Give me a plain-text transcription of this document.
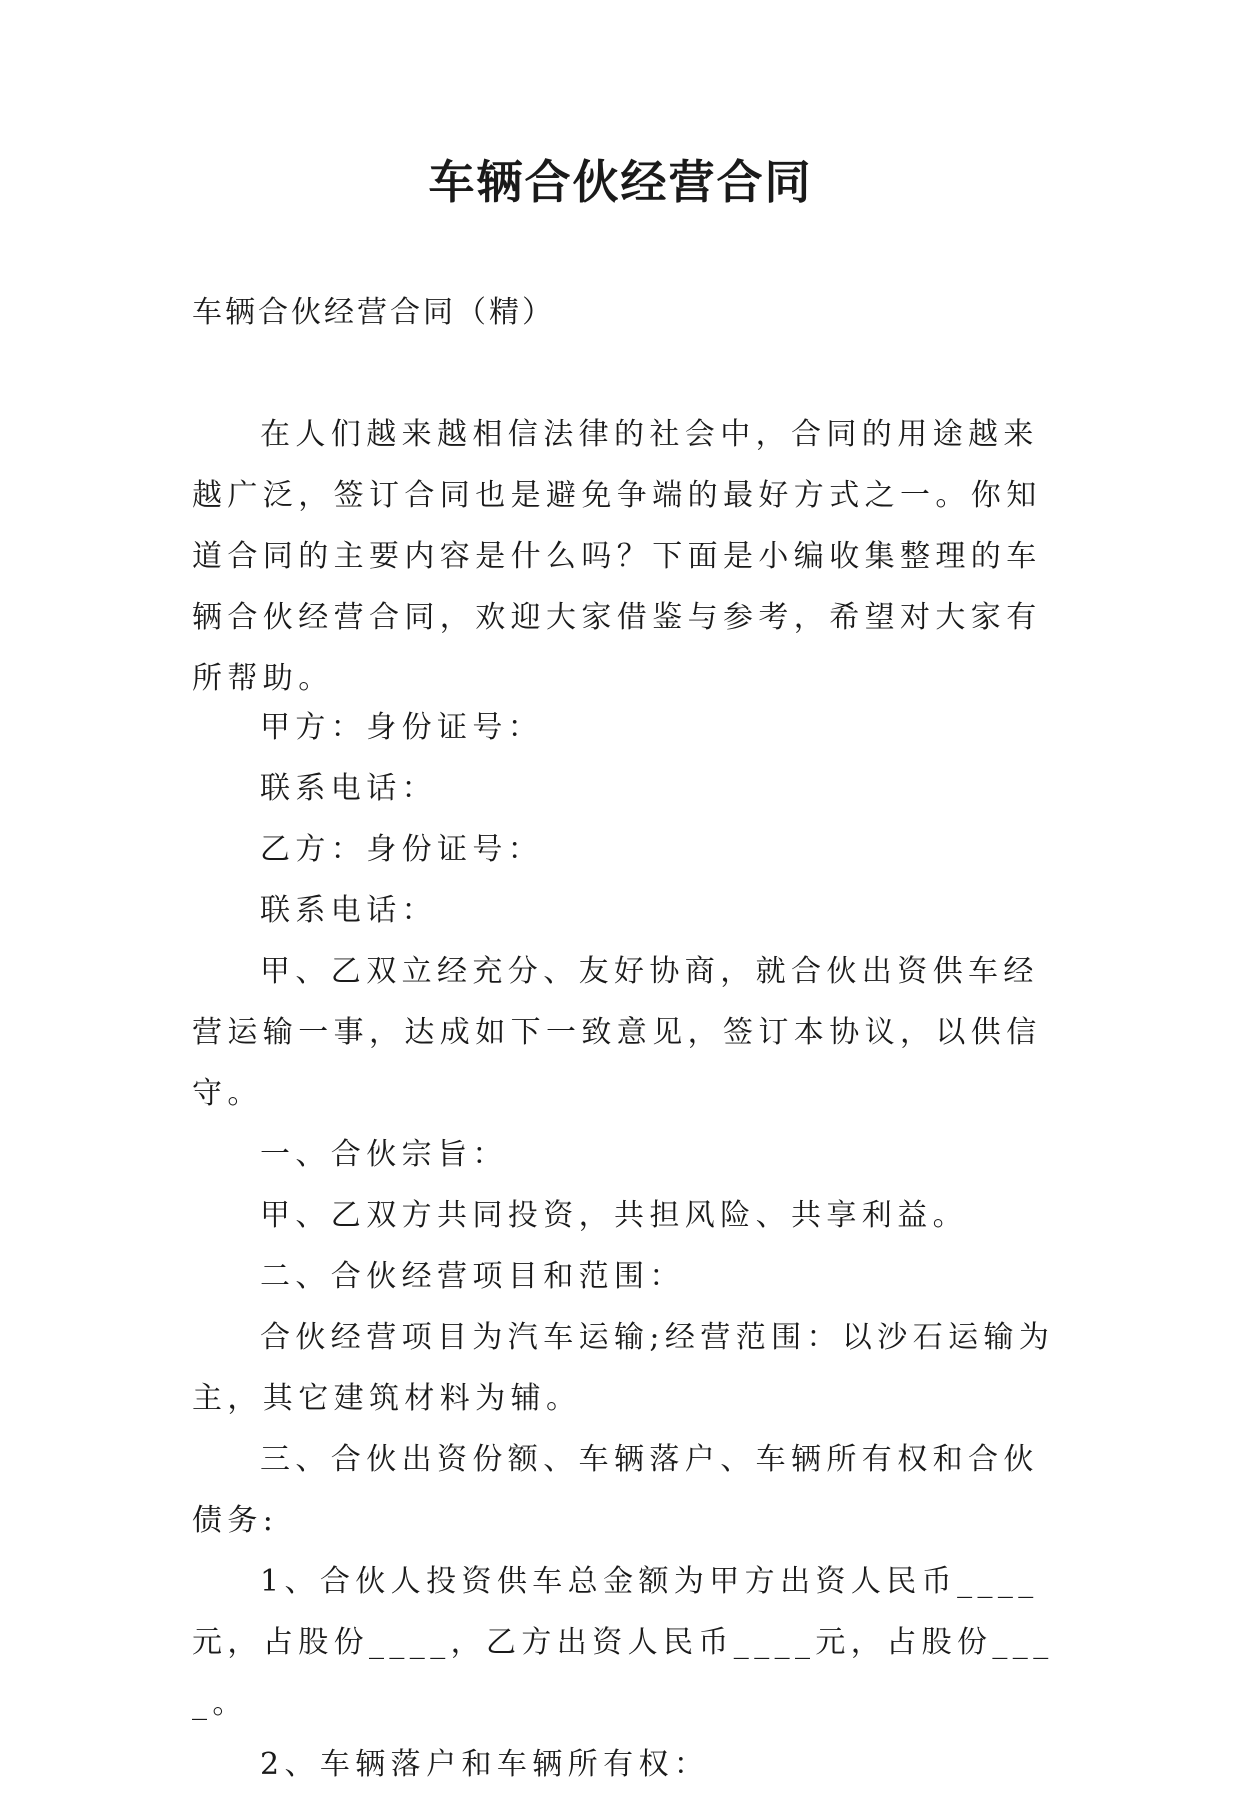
车辆合伙经营合同

车辆合伙经营合同（精）

在人们越来越相信法律的社会中，合同的用途越来越广泛，签订合同也是避免争端的最好方式之一。你知道合同的主要内容是什么吗？下面是小编收集整理的车辆合伙经营合同，欢迎大家借鉴与参考，希望对大家有所帮助。

甲方：身份证号：

联系电话：

乙方：身份证号：

联系电话：

甲、乙双立经充分、友好协商，就合伙出资供车经营运输一事，达成如下一致意见，签订本协议，以供信守。

一、合伙宗旨：

甲、乙双方共同投资，共担风险、共享利益。

二、合伙经营项目和范围：

合伙经营项目为汽车运输;经营范围：以沙石运输为主，其它建筑材料为辅。

三、合伙出资份额、车辆落户、车辆所有权和合伙债务:

1、合伙人投资供车总金额为甲方出资人民币____元，占股份____，乙方出资人民币____元，占股份____。

2、车辆落户和车辆所有权：
